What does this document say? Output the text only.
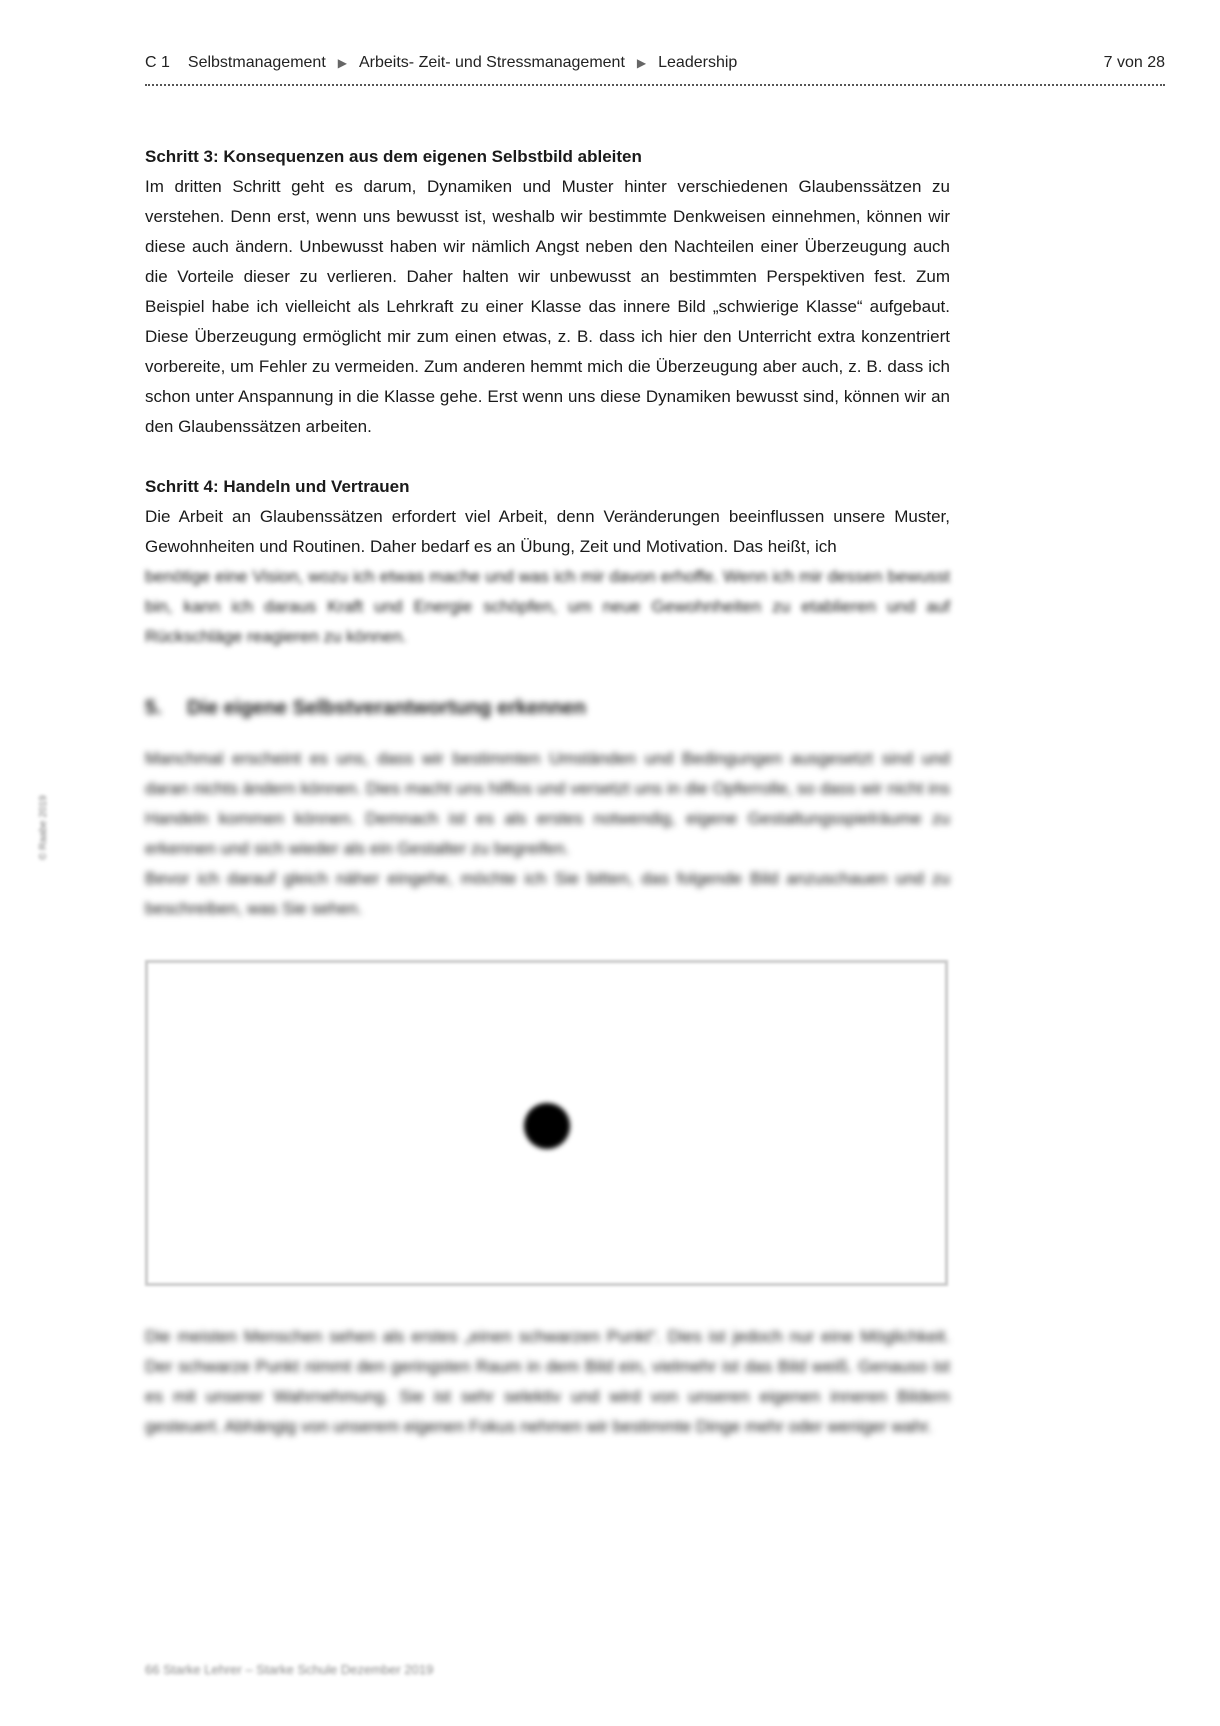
C 1 Selbstmanagement ▶ Arbeits- Zeit- und Stressmanagement ▶ Leadership	7 von 28

Schritt 3: Konsequenzen aus dem eigenen Selbstbild ableiten

Im dritten Schritt geht es darum, Dynamiken und Muster hinter verschiedenen Glaubenssätzen zu verstehen. Denn erst, wenn uns bewusst ist, weshalb wir bestimmte Denkweisen einnehmen, können wir diese auch ändern. Unbewusst haben wir nämlich Angst neben den Nachteilen einer Überzeugung auch die Vorteile dieser zu verlieren. Daher halten wir unbewusst an bestimmten Perspektiven fest. Zum Beispiel habe ich vielleicht als Lehrkraft zu einer Klasse das innere Bild „schwierige Klasse“ aufgebaut. Diese Überzeugung ermöglicht mir zum einen etwas, z. B. dass ich hier den Unterricht extra konzentriert vorbereite, um Fehler zu vermeiden. Zum anderen hemmt mich die Überzeugung aber auch, z. B. dass ich schon unter Anspannung in die Klasse gehe. Erst wenn uns diese Dynamiken bewusst sind, können wir an den Glaubenssätzen arbeiten.

Schritt 4: Handeln und Vertrauen

Die Arbeit an Glaubenssätzen erfordert viel Arbeit, denn Veränderungen beeinflussen unsere Muster, Gewohnheiten und Routinen. Daher bedarf es an Übung, Zeit und Motivation. Das heißt, ich

benötige eine Vision, wozu ich etwas mache und was ich mir davon erhoffe. Wenn ich mir dessen bewusst bin, kann ich daraus Kraft und Energie schöpfen, um neue Gewohnheiten zu etablieren und auf Rückschläge reagieren zu können.

5.	Die eigene Selbstverantwortung erkennen

Manchmal erscheint es uns, dass wir bestimmten Umständen und Bedingungen ausgesetzt sind und daran nichts ändern können. Dies macht uns hilflos und versetzt uns in die Opferrolle, so dass wir nicht ins Handeln kommen können. Demnach ist es als erstes notwendig, eigene Gestaltungsspielräume zu erkennen und sich wieder als ein Gestalter zu begreifen.

Bevor ich darauf gleich näher eingehe, möchte ich Sie bitten, das folgende Bild anzuschauen und zu beschreiben, was Sie sehen.

Die meisten Menschen sehen als erstes „einen schwarzen Punkt“. Dies ist jedoch nur eine Möglichkeit. Der schwarze Punkt nimmt den geringsten Raum in dem Bild ein, vielmehr ist das Bild weiß. Genauso ist es mit unserer Wahrnehmung. Sie ist sehr selektiv und wird von unseren eigenen inneren Bildern gesteuert. Abhängig von unserem eigenen Fokus nehmen wir bestimmte Dinge mehr oder weniger wahr.

© Raabe 2019
66 Starke Lehrer – Starke Schule Dezember 2019
